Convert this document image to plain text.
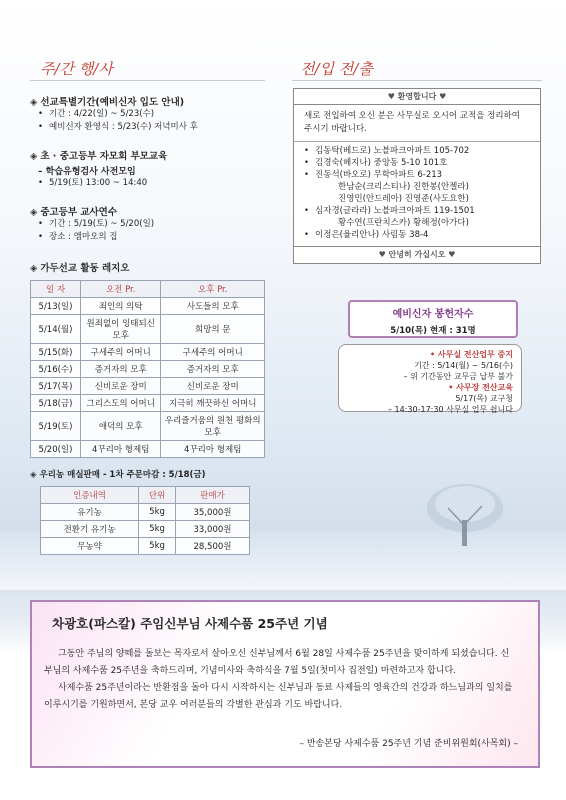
주/간 행/사
◈ 선교특별기간(예비신자 입도 안내)
• 기간 : 4/22(일) ~ 5/23(수)
• 예비신자 환영식 : 5/23(수) 저녁미사 후
◈ 초 · 중고등부 자모회 부모교육
– 학습유형검사 사전모임
• 5/19(토) 13:00 ~ 14:40
◈ 중고등부 교사연수
• 기간 : 5/19(토) ~ 5/20(일)
• 장소 : 엠마오의 집
◈ 가두선교 활동 레지오
일 자	오전 Pr.	오후 Pr.
5/13(일)	죄인의 의탁	사도들의 모후
5/14(월)	원죄없이 잉태되신 모후	희망의 문
5/15(화)	구세주의 어머니	구세주의 어머니
5/16(수)	증거자의 모후	증거자의 모후
5/17(목)	신비로운 장미	신비로운 장미
5/18(금)	그리스도의 어머니	지극히 깨끗하신 어머니
5/19(토)	애덕의 모후	우리즐거움의 원천 평화의 모후
5/20(일)	4꾸리아 형제팀	4꾸리아 형제팀
◈ 우리농 매실판매 - 1차 주문마감 : 5/18(금)
인증내역	단위	판매가
유기농	5kg	35,000원
전환기 유기농	5kg	33,000원
무농약	5kg	28,500원
전/입 전/출
♥ 환영합니다 ♥
새로 전입하여 오신 분은 사무실로 오시어 교적을 정리하여 주시기 바랍니다.
• 김동탁(베드로) 노블파크아파트 105-702
• 김경숙(헤지나) 중앙동 5-10 101호
• 진동석(바오로) 무학아파트 6-213
한남순(크리스티나) 진한봉(안젤라)
진영민(안드레아) 진영준(사도요한)
• 심자경(글라라) 노블파크아파트 119-1501
황수연(프란치스카) 황해정(아가다)
• 이정은(율리안나) 사림동 38-4
♥ 안녕히 가십시오 ♥
예비신자 봉헌자수
5/10(목) 현재 : 31명
• 사무실 전산업무 중지
기간 : 5/14(월) ~ 5/16(수)
– 위 기간동안 교무금 납부 불가
• 사무장 전산교육
5/17(목) 교구청
– 14:30-17:30 사무실 업무 쉽니다
차광호(파스칼) 주임신부님 사제수품 25주년 기념

그동안 주님의 양떼를 돌보는 목자로서 살아오신 신부님께서 6월 28일 사제수품 25주년을 맞이하게 되셨습니다. 신부님의 사제수품 25주년을 축하드리며, 기념미사와 축하식을 7월 5일(첫미사 집전일) 마련하고자 합니다.

사제수품 25주년이라는 반환점을 돌아 다시 시작하시는 신부님과 동료 사제들의 영육간의 건강과 하느님과의 일치를 이루시기를 기원하면서, 본당 교우 여러분들의 각별한 관심과 기도 바랍니다.

– 반송본당 사제수품 25주년 기념 준비위원회(사목회) –
